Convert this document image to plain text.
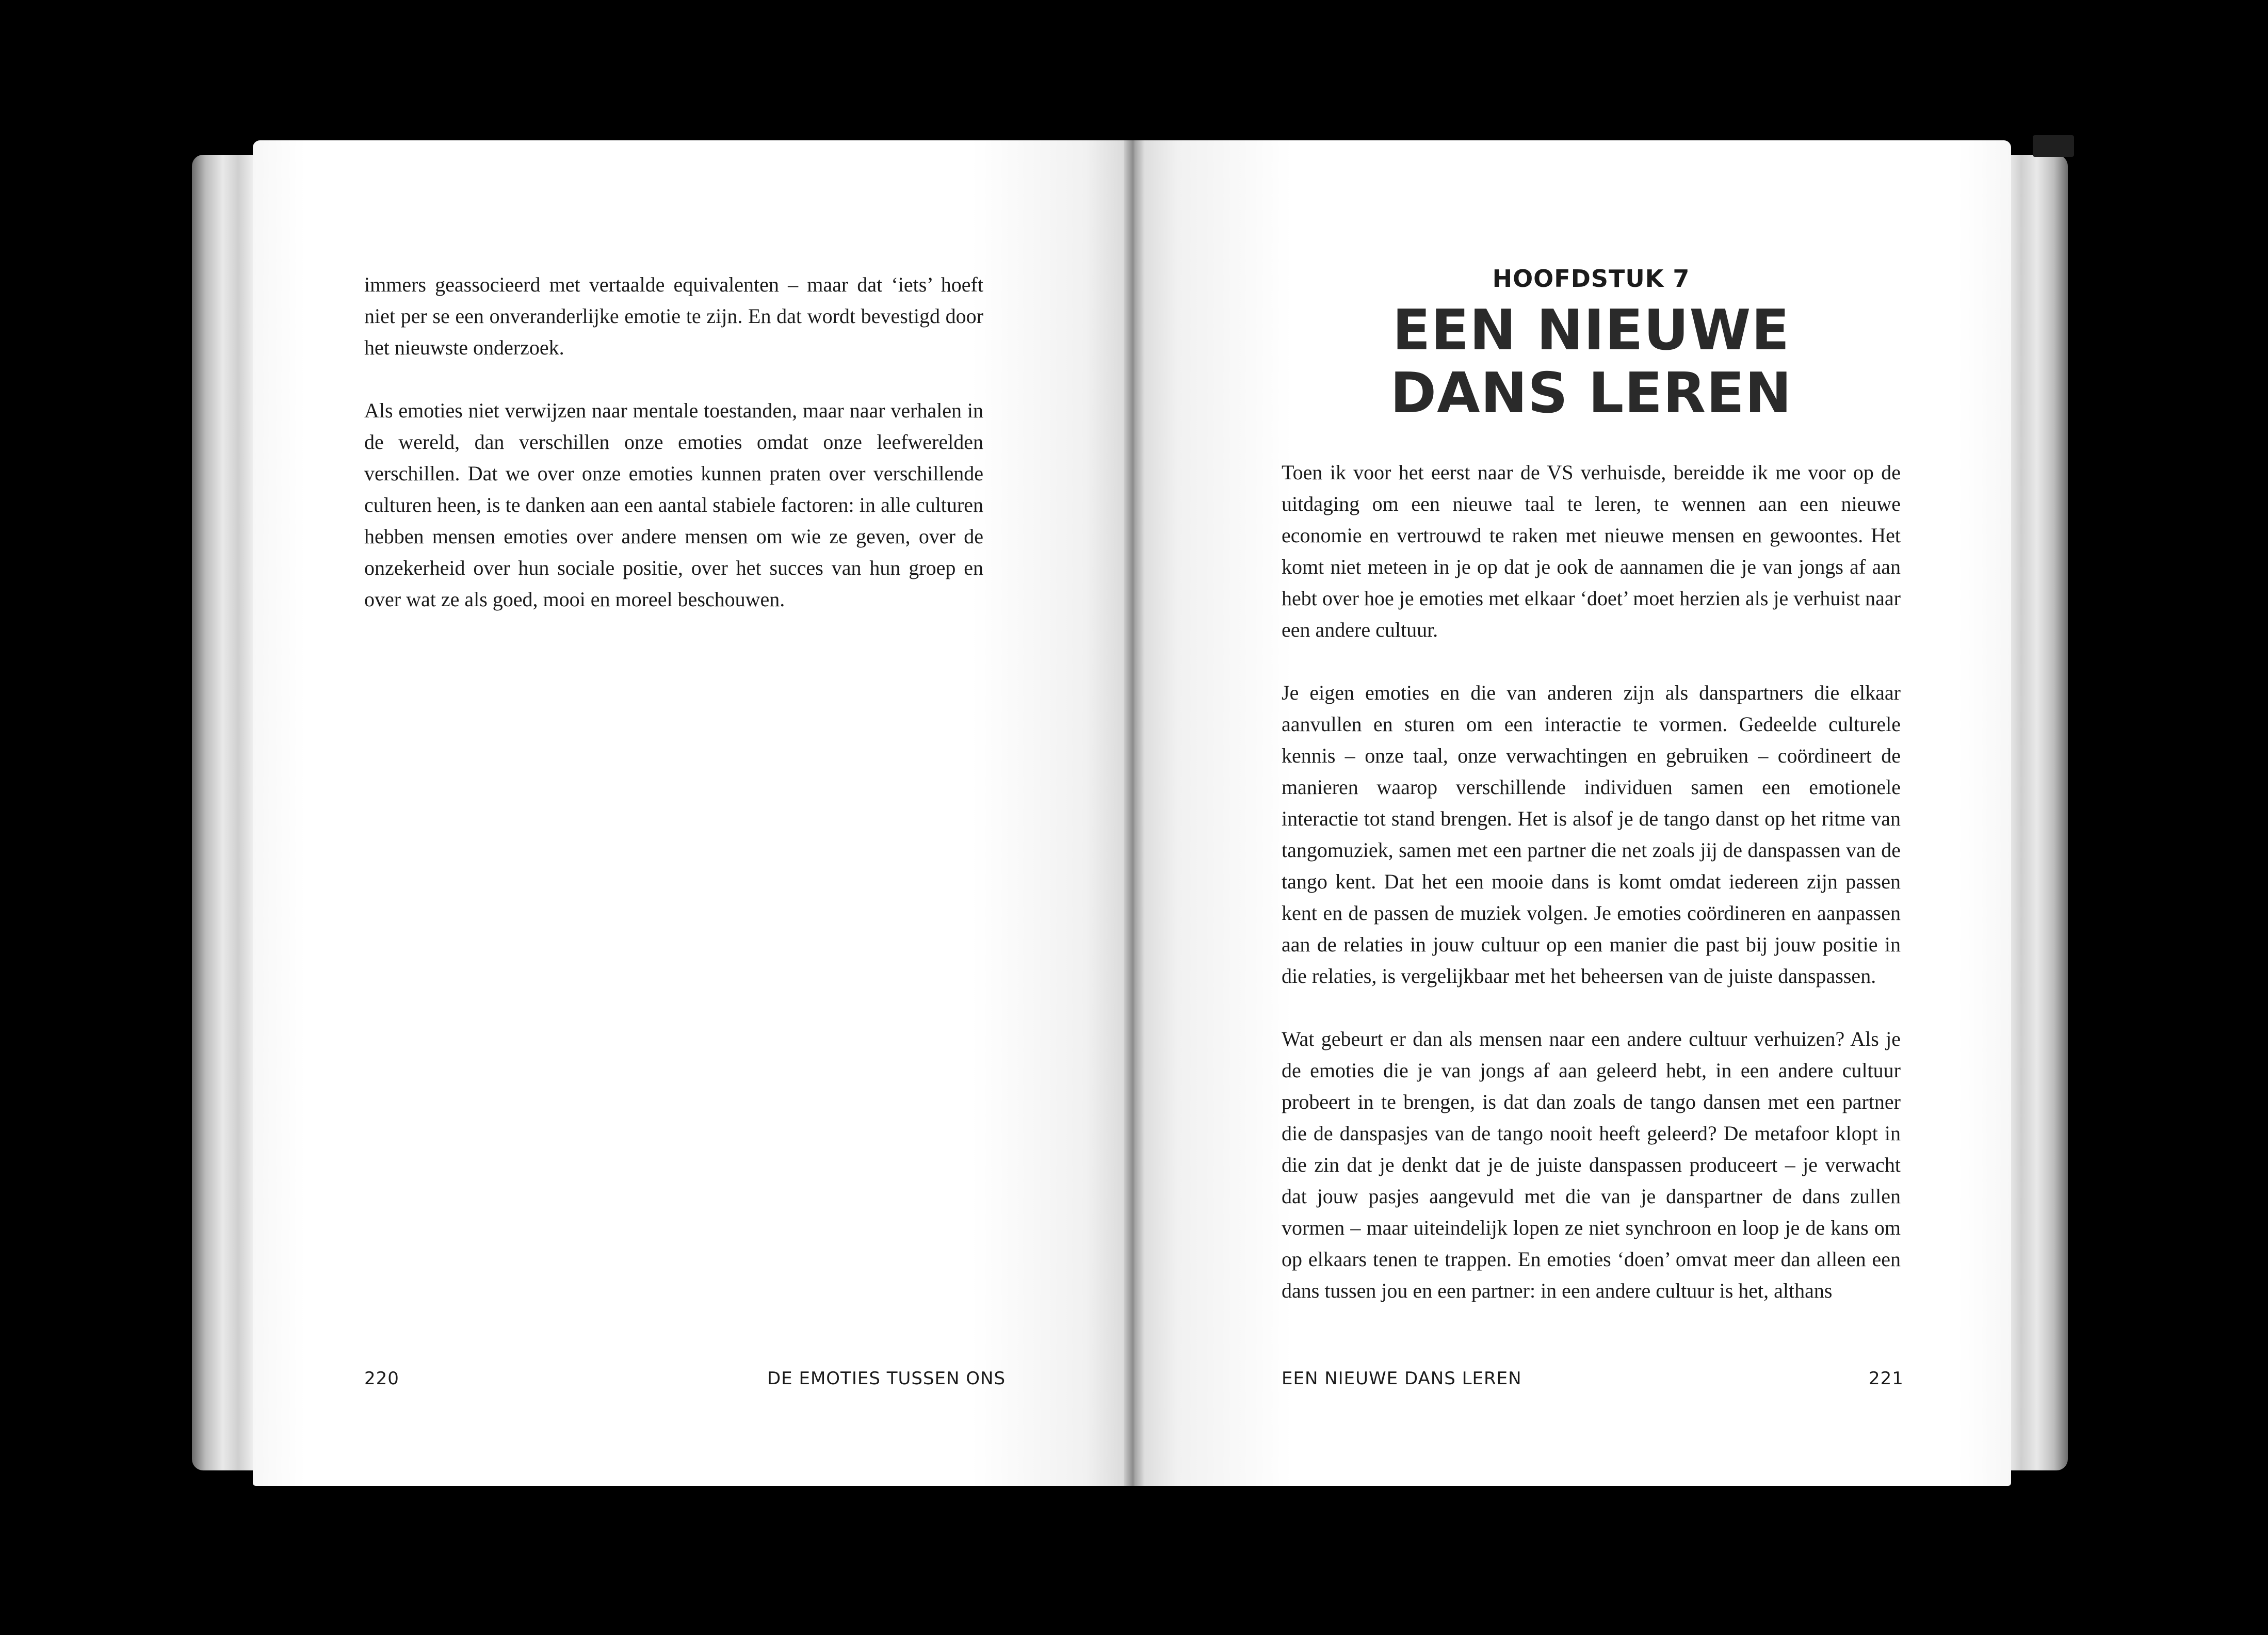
immers geassocieerd met vertaalde equivalenten – maar dat ‘iets’ hoeft niet per se een onveranderlijke emotie te zijn. En dat wordt bevestigd door het nieuwste onderzoek.

Als emoties niet verwijzen naar mentale toestanden, maar naar verhalen in de wereld, dan verschillen onze emoties omdat onze leefwerelden verschillen. Dat we over onze emoties kunnen praten over verschillende culturen heen, is te danken aan een aantal stabiele factoren: in alle culturen hebben mensen emoties over andere mensen om wie ze geven, over de onzekerheid over hun sociale positie, over het succes van hun groep en over wat ze als goed, mooi en moreel beschouwen.

220	DE EMOTIES TUSSEN ONS
HOOFDSTUK 7
EEN NIEUWE
DANS LEREN

Toen ik voor het eerst naar de VS verhuisde, bereidde ik me voor op de uitdaging om een nieuwe taal te leren, te wennen aan een nieuwe economie en vertrouwd te raken met nieuwe mensen en gewoontes. Het komt niet meteen in je op dat je ook de aannamen die je van jongs af aan hebt over hoe je emoties met elkaar ‘doet’ moet herzien als je verhuist naar een andere cultuur.

Je eigen emoties en die van anderen zijn als danspartners die elkaar aanvullen en sturen om een interactie te vormen. Gedeelde culturele kennis – onze taal, onze verwachtingen en gebruiken – coördineert de manieren waarop verschillende individuen samen een emotionele interactie tot stand brengen. Het is alsof je de tango danst op het ritme van tangomuziek, samen met een partner die net zoals jij de danspassen van de tango kent. Dat het een mooie dans is komt omdat iedereen zijn passen kent en de passen de muziek volgen. Je emoties coördineren en aanpassen aan de relaties in jouw cultuur op een manier die past bij jouw positie in die relaties, is vergelijkbaar met het beheersen van de juiste danspassen.

Wat gebeurt er dan als mensen naar een andere cultuur verhuizen? Als je de emoties die je van jongs af aan geleerd hebt, in een andere cultuur probeert in te brengen, is dat dan zoals de tango dansen met een partner die de danspasjes van de tango nooit heeft geleerd? De metafoor klopt in die zin dat je denkt dat je de juiste danspassen produceert – je verwacht dat jouw pasjes aangevuld met die van je danspartner de dans zullen vormen – maar uiteindelijk lopen ze niet synchroon en loop je de kans om op elkaars tenen te trappen. En emoties ‘doen’ omvat meer dan alleen een dans tussen jou en een partner: in een andere cultuur is het, althans

EEN NIEUWE DANS LEREN	221
